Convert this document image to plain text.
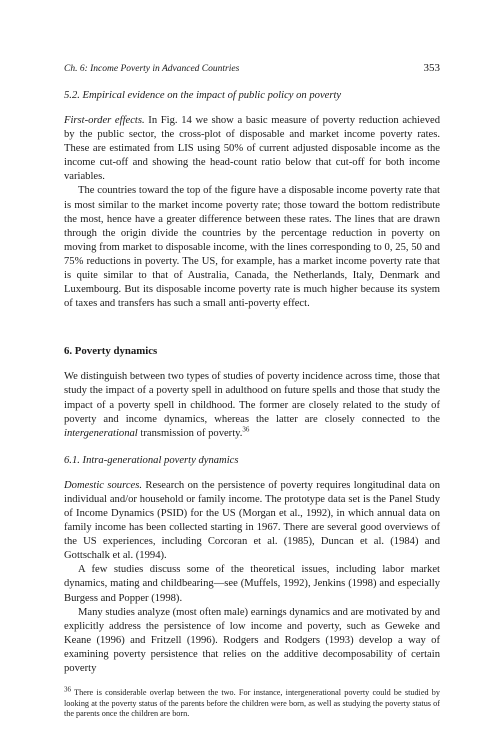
Ch. 6: Income Poverty in Advanced Countries	353
5.2. Empirical evidence on the impact of public policy on poverty

First-order effects. In Fig. 14 we show a basic measure of poverty reduction achieved by the public sector, the cross-plot of disposable and market income poverty rates. These are estimated from LIS using 50% of current adjusted disposable income as the income cut-off and showing the head-count ratio below that cut-off for both income variables.

The countries toward the top of the figure have a disposable income poverty rate that is most similar to the market income poverty rate; those toward the bottom redistribute the most, hence have a greater difference between these rates. The lines that are drawn through the origin divide the countries by the percentage reduction in poverty on moving from market to disposable income, with the lines corresponding to 0, 25, 50 and 75% reductions in poverty. The US, for example, has a market income poverty rate that is quite similar to that of Australia, Canada, the Netherlands, Italy, Denmark and Luxembourg. But its disposable income poverty rate is much higher because its system of taxes and transfers has such a small anti-poverty effect.

6. Poverty dynamics

We distinguish between two types of studies of poverty incidence across time, those that study the impact of a poverty spell in adulthood on future spells and those that study the impact of a poverty spell in childhood. The former are closely related to the study of poverty and income dynamics, whereas the latter are closely connected to the intergenerational transmission of poverty.$^{36}$

6.1. Intra-generational poverty dynamics

Domestic sources. Research on the persistence of poverty requires longitudinal data on individual and/or household or family income. The prototype data set is the Panel Study of Income Dynamics (PSID) for the US (Morgan et al., 1992), in which annual data on family income has been collected starting in 1967. There are several good overviews of the US experiences, including Corcoran et al. (1985), Duncan et al. (1984) and Gottschalk et al. (1994).

A few studies discuss some of the theoretical issues, including labor market dynamics, mating and childbearing—see (Muffels, 1992), Jenkins (1998) and especially Burgess and Popper (1998).

Many studies analyze (most often male) earnings dynamics and are motivated by and explicitly address the persistence of low income and poverty, such as Geweke and Keane (1996) and Fritzell (1996). Rodgers and Rodgers (1993) develop a way of examining poverty persistence that relies on the additive decomposability of certain poverty

$^{36}$ There is considerable overlap between the two. For instance, intergenerational poverty could be studied by looking at the poverty status of the parents before the children were born, as well as studying the poverty status of the parents once the children are born.
